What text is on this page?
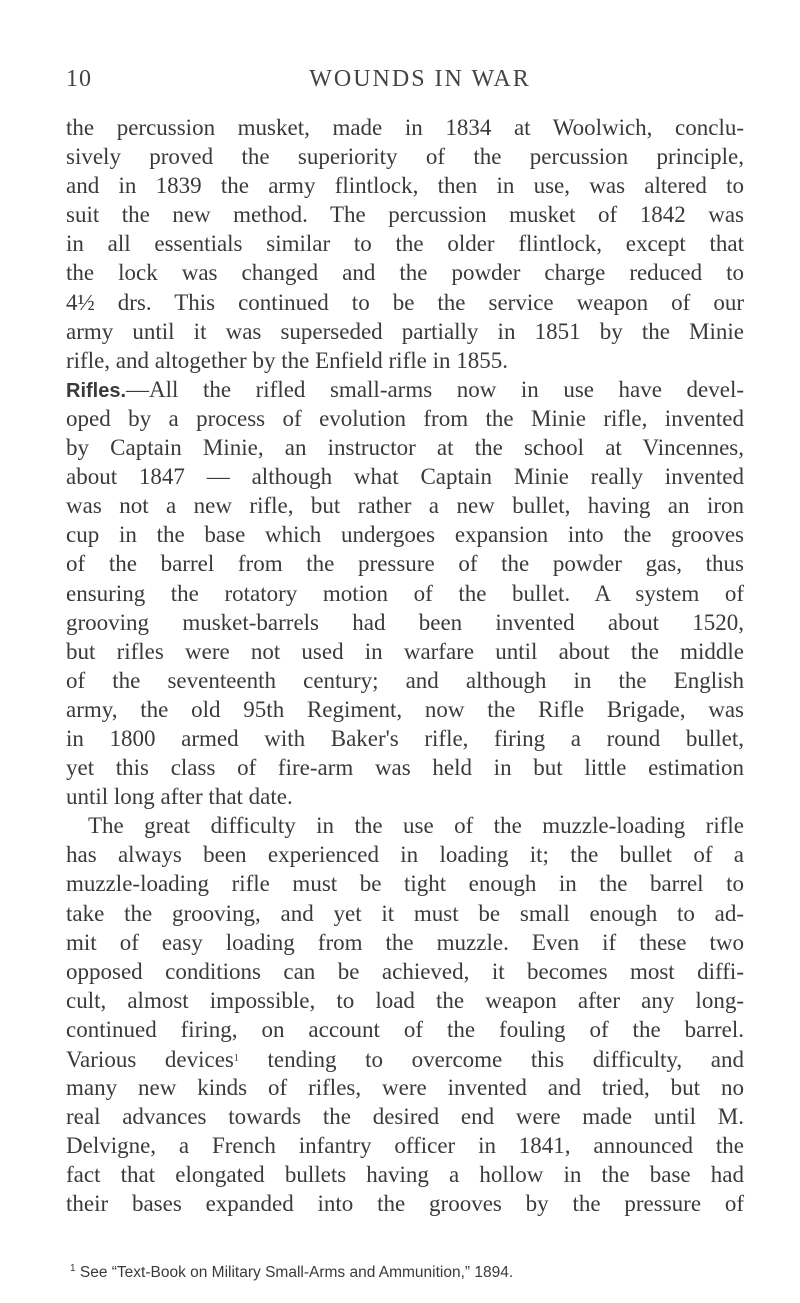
10	WOUNDS IN WAR
the percussion musket, made in 1834 at Woolwich, conclu-
sively proved the superiority of the percussion principle,
and in 1839 the army flintlock, then in use, was altered to
suit the new method. The percussion musket of 1842 was
in all essentials similar to the older flintlock, except that
the lock was changed and the powder charge reduced to
4½ drs. This continued to be the service weapon of our
army until it was superseded partially in 1851 by the Minie
rifle, and altogether by the Enfield rifle in 1855.
Rifles.—All the rifled small-arms now in use have devel-
oped by a process of evolution from the Minie rifle, invented
by Captain Minie, an instructor at the school at Vincennes,
about 1847 — although what Captain Minie really invented
was not a new rifle, but rather a new bullet, having an iron
cup in the base which undergoes expansion into the grooves
of the barrel from the pressure of the powder gas, thus
ensuring the rotatory motion of the bullet. A system of
grooving musket-barrels had been invented about 1520,
but rifles were not used in warfare until about the middle
of the seventeenth century; and although in the English
army, the old 95th Regiment, now the Rifle Brigade, was
in 1800 armed with Baker's rifle, firing a round bullet,
yet this class of fire-arm was held in but little estimation
until long after that date.
The great difficulty in the use of the muzzle-loading rifle
has always been experienced in loading it; the bullet of a
muzzle-loading rifle must be tight enough in the barrel to
take the grooving, and yet it must be small enough to ad-
mit of easy loading from the muzzle. Even if these two
opposed conditions can be achieved, it becomes most diffi-
cult, almost impossible, to load the weapon after any long-
continued firing, on account of the fouling of the barrel.
Various devices$^1$ tending to overcome this difficulty, and
many new kinds of rifles, were invented and tried, but no
real advances towards the desired end were made until M.
Delvigne, a French infantry officer in 1841, announced the
fact that elongated bullets having a hollow in the base had
their bases expanded into the grooves by the pressure of
$^1$ See “Text-Book on Military Small-Arms and Ammunition,” 1894.
